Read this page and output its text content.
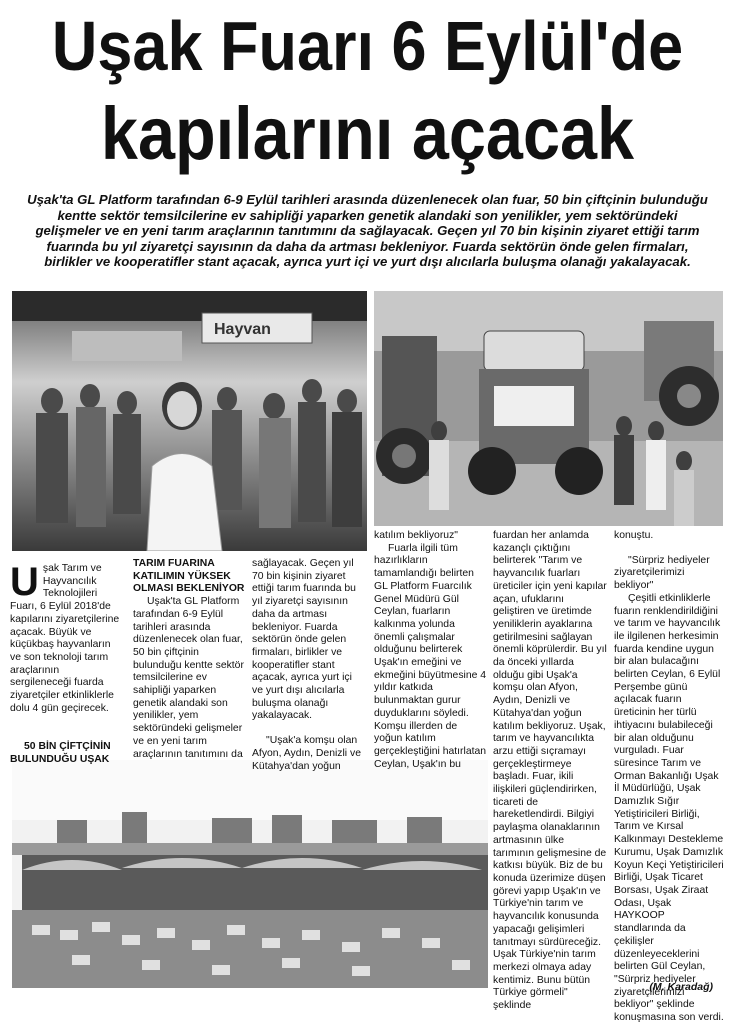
Uşak Fuarı 6 Eylül'de
kapılarını açacak
Uşak'ta GL Platform tarafından 6-9 Eylül tarihleri arasında düzenlenecek olan fuar, 50 bin çiftçinin bulunduğu kentte sektör temsilcilerine ev sahipliği yaparken genetik alandaki son yenilikler, yem sektöründeki gelişmeler ve en yeni tarım araçlarının tanıtımını da sağlayacak. Geçen yıl 70 bin kişinin ziyaret ettiği tarım fuarında bu yıl ziyaretçi sayısının da daha da artması bekleniyor. Fuarda sektörün önde gelen firmaları, birlikler ve kooperatifler stant açacak, ayrıca yurt içi ve yurt dışı alıcılarla buluşma olanağı yakalayacak.
Hayvan
U şak Tarım ve Hayvancılık Teknolojileri Fuarı, 6 Eylül 2018'de kapılarını ziyaretçilerine açacak. Büyük ve küçükbaş hayvanların ve son teknoloji tarım araçlarının sergileneceği fuarda ziyaretçiler etkinliklerle dolu 4 gün geçirecek.

50 BİN ÇİFTÇİNİN BULUNDUĞU UŞAK

TARIM FUARINA KATILIMIN YÜKSEK OLMASI BEKLENİYOR

Uşak'ta GL Platform tarafından 6-9 Eylül tarihleri arasında düzenlenecek olan fuar, 50 bin çiftçinin bulunduğu kentte sektör temsilcilerine ev sahipliği yaparken genetik alandaki son yenilikler, yem sektöründeki gelişmeler ve en yeni tarım araçlarının tanıtımını da

sağlayacak. Geçen yıl 70 bin kişinin ziyaret ettiği tarım fuarında bu yıl ziyaretçi sayısının daha da artması bekleniyor. Fuarda sektörün önde gelen firmaları, birlikler ve kooperatifler stant açacak, ayrıca yurt içi ve yurt dışı alıcılarla buluşma olanağı yakalayacak.

"Uşak'a komşu olan Afyon, Aydın, Denizli ve Kütahya'dan yoğun

katılım bekliyoruz"

Fuarla ilgili tüm hazırlıkların tamamlandığı belirten GL Platform Fuarcılık Genel Müdürü Gül Ceylan, fuarların kalkınma yolunda önemli çalışmalar olduğunu belirterek Uşak'ın emeğini ve ekmeğini büyütmesine 4 yıldır katkıda bulunmaktan gurur duyduklarını söyledi. Komşu illerden de yoğun katılım gerçekleştiğini hatırlatan Ceylan, Uşak'ın bu

fuardan her anlamda kazançlı çıktığını belirterek "Tarım ve hayvancılık fuarları üreticiler için yeni kapılar açan, ufuklarını geliştiren ve üretimde yeniliklerin ayaklarına getirilmesini sağlayan önemli köprülerdir. Bu yıl da önceki yıllarda olduğu gibi Uşak'a komşu olan Afyon, Aydın, Denizli ve Kütahya'dan yoğun katılım bekliyoruz. Uşak, tarım ve hayvancılıkta arzu ettiği sıçramayı gerçekleştirmeye başladı. Fuar, ikili ilişkileri güçlendirirken, ticareti de hareketlendirdi. Bilgiyi paylaşma olanaklarının artmasının ülke tarımının gelişmesine de katkısı büyük. Biz de bu konuda üzerimize düşen görevi yapıp Uşak'ın ve Türkiye'nin tarım ve hayvancılık konusunda yapacağı gelişimleri tanıtmayı sürdüreceğiz. Uşak Türkiye'nin tarım merkezi olmaya aday kentimiz. Bunu bütün Türkiye görmeli" şeklinde

konuştu.

"Sürpriz hediyeler ziyaretçilerimizi bekliyor"

Çeşitli etkinliklerle fuarın renklendirildiğini ve tarım ve hayvancılık ile ilgilenen herkesimin fuarda kendine uygun bir alan bulacağını belirten Ceylan, 6 Eylül Perşembe günü açılacak fuarın üreticinin her türlü ihtiyacını bulabileceği bir alan olduğunu vurguladı. Fuar süresince Tarım ve Orman Bakanlığı Uşak İl Müdürlüğü, Uşak Damızlık Sığır Yetiştiricileri Birliği, Tarım ve Kırsal Kalkınmayı Destekleme Kurumu, Uşak Damızlık Koyun Keçi Yetiştiricileri Birliği, Uşak Ticaret Borsası, Uşak Ziraat Odası, Uşak HAYKOOP standlarında da çekilişler düzenleyeceklerini belirten Gül Ceylan, "Sürpriz hediyeler ziyaretçilerimizi bekliyor" şeklinde konuşmasına son verdi.

(M. Karadağ)
